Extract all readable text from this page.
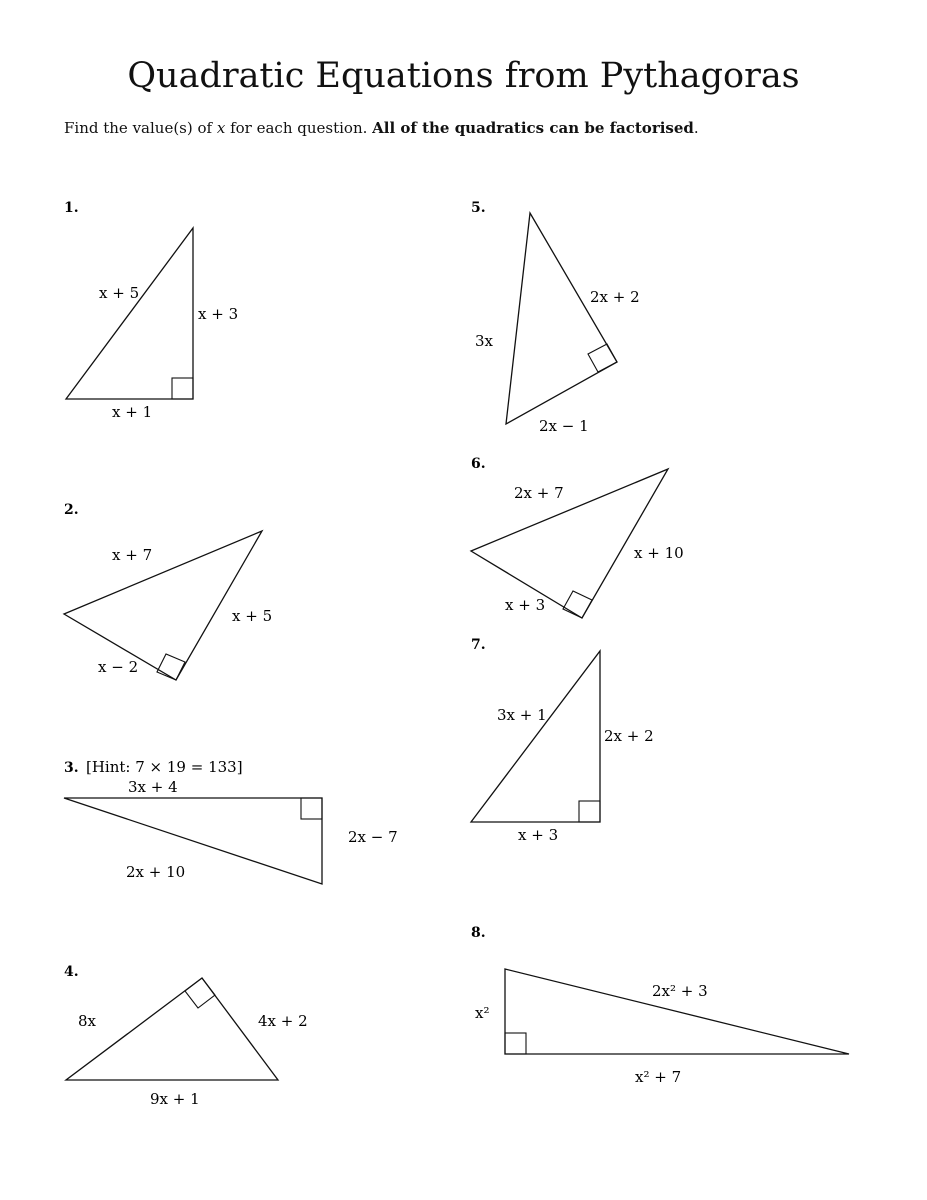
Quadratic Equations from Pythagoras

Find the value(s) of x for each question. All of the quadratics can be factorised.

1.
x + 5
x + 3
x + 1
2.
x + 7
x + 5
x − 2
3. [Hint: 7 × 19 = 133]
3x + 4
2x − 7
2x + 10
4.
8x	4x + 2
9x + 1
5.
2x + 2
3x
2x − 1
6.
2x + 7
x + 10
x + 3
7.
3x + 1
2x + 2
x + 3
8.
2x² + 3
x²
x² + 7
